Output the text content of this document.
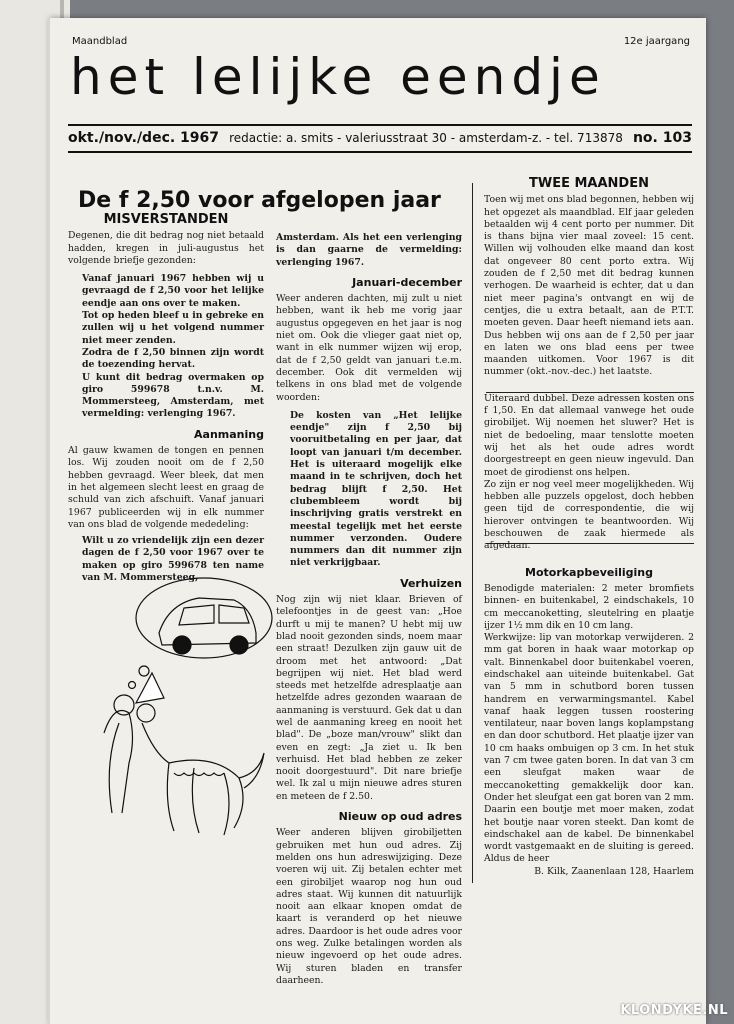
Maandblad	12e jaargang
het lelijke eendje
okt./nov./dec. 1967 redactie: a. smits - valeriusstraat 30 - amsterdam-z. - tel. 713878 no. 103
De f 2,50 voor afgelopen jaar
MISVERSTANDEN

Degenen, die dit bedrag nog niet betaald hadden, kregen in juli-augustus het volgende briefje gezonden:

Vanaf januari 1967 hebben wij u gevraagd de f 2,50 voor het lelijke eendje aan ons over te maken.

Tot op heden bleef u in gebreke en zullen wij u het volgend nummer niet meer zenden.

Zodra de f 2,50 binnen zijn wordt de toezending hervat.

U kunt dit bedrag overmaken op giro 599678 t.n.v. M. Mommersteeg, Amsterdam, met vermelding: verlenging 1967.

Aanmaning

Al gauw kwamen de tongen en pennen los. Wij zouden nooit om de f 2,50 hebben gevraagd. Weer bleek, dat men in het algemeen slecht leest en graag de schuld van zich afschuift. Vanaf januari 1967 publiceerden wij in elk nummer van ons blad de volgende mededeling:

Wilt u zo vriendelijk zijn een dezer dagen de f 2,50 voor 1967 over te maken op giro 599678 ten name van M. Mommersteeg,

Amsterdam. Als het een verlenging is dan gaarne de vermelding: verlenging 1967.

Januari-december

Weer anderen dachten, mij zult u niet hebben, want ik heb me vorig jaar augustus opgegeven en het jaar is nog niet om. Ook die vlieger gaat niet op, want in elk nummer wijzen wij erop, dat de f 2,50 geldt van januari t.e.m. december. Ook dit vermelden wij telkens in ons blad met de volgende woorden:

De kosten van „Het lelijke eendje" zijn f 2,50 bij vooruitbetaling en per jaar, dat loopt van januari t/m december. Het is uiteraard mogelijk elke maand in te schrijven, doch het bedrag blijft f 2,50. Het clubembleem wordt bij inschrijving gratis verstrekt en meestal tegelijk met het eerste nummer verzonden. Oudere nummers dan dit nummer zijn niet verkrijgbaar.

Verhuizen

Nog zijn wij niet klaar. Brieven of telefoontjes in de geest van: „Hoe durft u mij te manen? U hebt mij uw blad nooit gezonden sinds, noem maar een straat! Dezulken zijn gauw uit de droom met het antwoord: „Dat begrijpen wij niet. Het blad werd steeds met hetzelfde adresplaatje aan hetzelfde adres gezonden waaraan de aanmaning is verstuurd. Gek dat u dan wel de aanmaning kreeg en nooit het blad". De „boze man/vrouw" slikt dan even en zegt: „Ja ziet u. Ik ben verhuisd. Het blad hebben ze zeker nooit doorgestuurd". Dit nare briefje wel. Ik zal u mijn nieuwe adres sturen en meteen de f 2.50.

Nieuw op oud adres

Weer anderen blijven girobiljetten gebruiken met hun oud adres. Zij melden ons hun adreswijziging. Deze voeren wij uit. Zij betalen echter met een girobiljet waarop nog hun oud adres staat. Wij kunnen dit natuurlijk nooit aan elkaar knopen omdat de kaart is veranderd op het nieuwe adres. Daardoor is het oude adres voor ons weg. Zulke betalingen worden als nieuw ingevoerd op het oude adres. Wij sturen bladen en transfer daarheen.

TWEE MAANDEN

Toen wij met ons blad begonnen, hebben wij het opgezet als maandblad. Elf jaar geleden betaalden wij 4 cent porto per nummer. Dit is thans bijna vier maal zoveel: 15 cent. Willen wij volhouden elke maand dan kost dat ongeveer 80 cent porto extra. Wij zouden de f 2,50 met dit bedrag kunnen verhogen. De waarheid is echter, dat u dan niet meer pagina's ontvangt en wij de centjes, die u extra betaalt, aan de P.T.T. moeten geven. Daar heeft niemand iets aan. Dus hebben wij ons aan de f 2,50 per jaar en laten we ons blad eens per twee maanden uitkomen. Voor 1967 is dit nummer (okt.-nov.-dec.) het laatste.

Uiteraard dubbel. Deze adressen kosten ons f 1,50. En dat allemaal vanwege het oude girobiljet. Wij noemen het sluwer? Het is niet de bedoeling, maar tenslotte moeten wij het als het oude adres wordt doorgestreept en geen nieuw ingevuld. Dan moet de girodienst ons helpen.

Zo zijn er nog veel meer mogelijkheden. Wij hebben alle puzzels opgelost, doch hebben geen tijd de correspondentie, die wij hierover ontvingen te beantwoorden. Wij beschouwen de zaak hiermede als afgedaan.

Motorkapbeveiliging

Benodigde materialen: 2 meter bromfiets binnen- en buitenkabel, 2 eindschakels, 10 cm meccanoketting, sleutelring en plaatje ijzer 1½ mm dik en 10 cm lang.

Werkwijze: lip van motorkap verwijderen. 2 mm gat boren in haak waar motorkap op valt. Binnenkabel door buitenkabel voeren, eindschakel aan uiteinde buitenkabel. Gat van 5 mm in schutbord boren tussen handrem en verwarmingsmantel. Kabel vanaf haak leggen tussen roostering ventilateur, naar boven langs koplampstang en dan door schutbord. Het plaatje ijzer van 10 cm haaks ombuigen op 3 cm. In het stuk van 7 cm twee gaten boren. In dat van 3 cm een sleufgat maken waar de meccanoketting gemakkelijk door kan. Onder het sleufgat een gat boren van 2 mm. Daarin een boutje met moer maken, zodat het boutje naar voren steekt. Dan komt de eindschakel aan de kabel. De binnenkabel wordt vastgemaakt en de sluiting is gereed. Aldus de heer

B. Kilk, Zaanenlaan 128, Haarlem

KLONDYKE.NL
